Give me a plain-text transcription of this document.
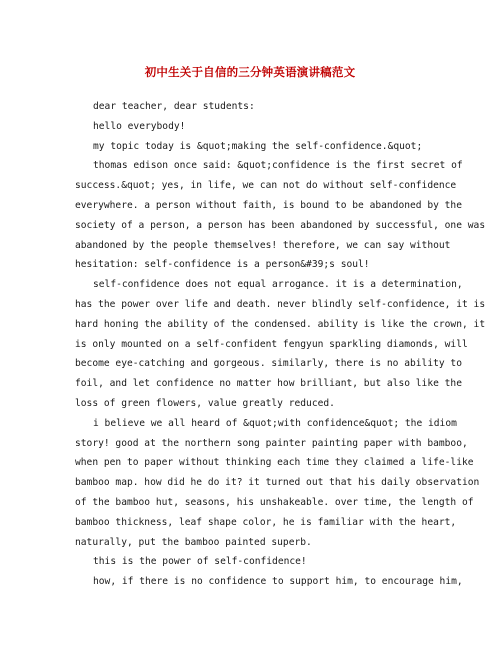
初中生关于自信的三分钟英语演讲稿范文
dear teacher, dear students:
hello everybody!
my topic today is &quot;making the self-confidence.&quot;
thomas edison once said: &quot;confidence is the first secret of
success.&quot; yes, in life, we can not do without self-confidence
everywhere. a person without faith, is bound to be abandoned by the
society of a person, a person has been abandoned by successful, one was
abandoned by the people themselves! therefore, we can say without
hesitation: self-confidence is a person&#39;s soul!
self-confidence does not equal arrogance. it is a determination,
has the power over life and death. never blindly self-confidence, it is
hard honing the ability of the condensed. ability is like the crown, it
is only mounted on a self-confident fengyun sparkling diamonds, will
become eye-catching and gorgeous. similarly, there is no ability to
foil, and let confidence no matter how brilliant, but also like the
loss of green flowers, value greatly reduced.
i believe we all heard of &quot;with confidence&quot; the idiom
story! good at the northern song painter painting paper with bamboo,
when pen to paper without thinking each time they claimed a life-like
bamboo map. how did he do it? it turned out that his daily observation
of the bamboo hut, seasons, his unshakeable. over time, the length of
bamboo thickness, leaf shape color, he is familiar with the heart,
naturally, put the bamboo painted superb.
this is the power of self-confidence!
how, if there is no confidence to support him, to encourage him,
